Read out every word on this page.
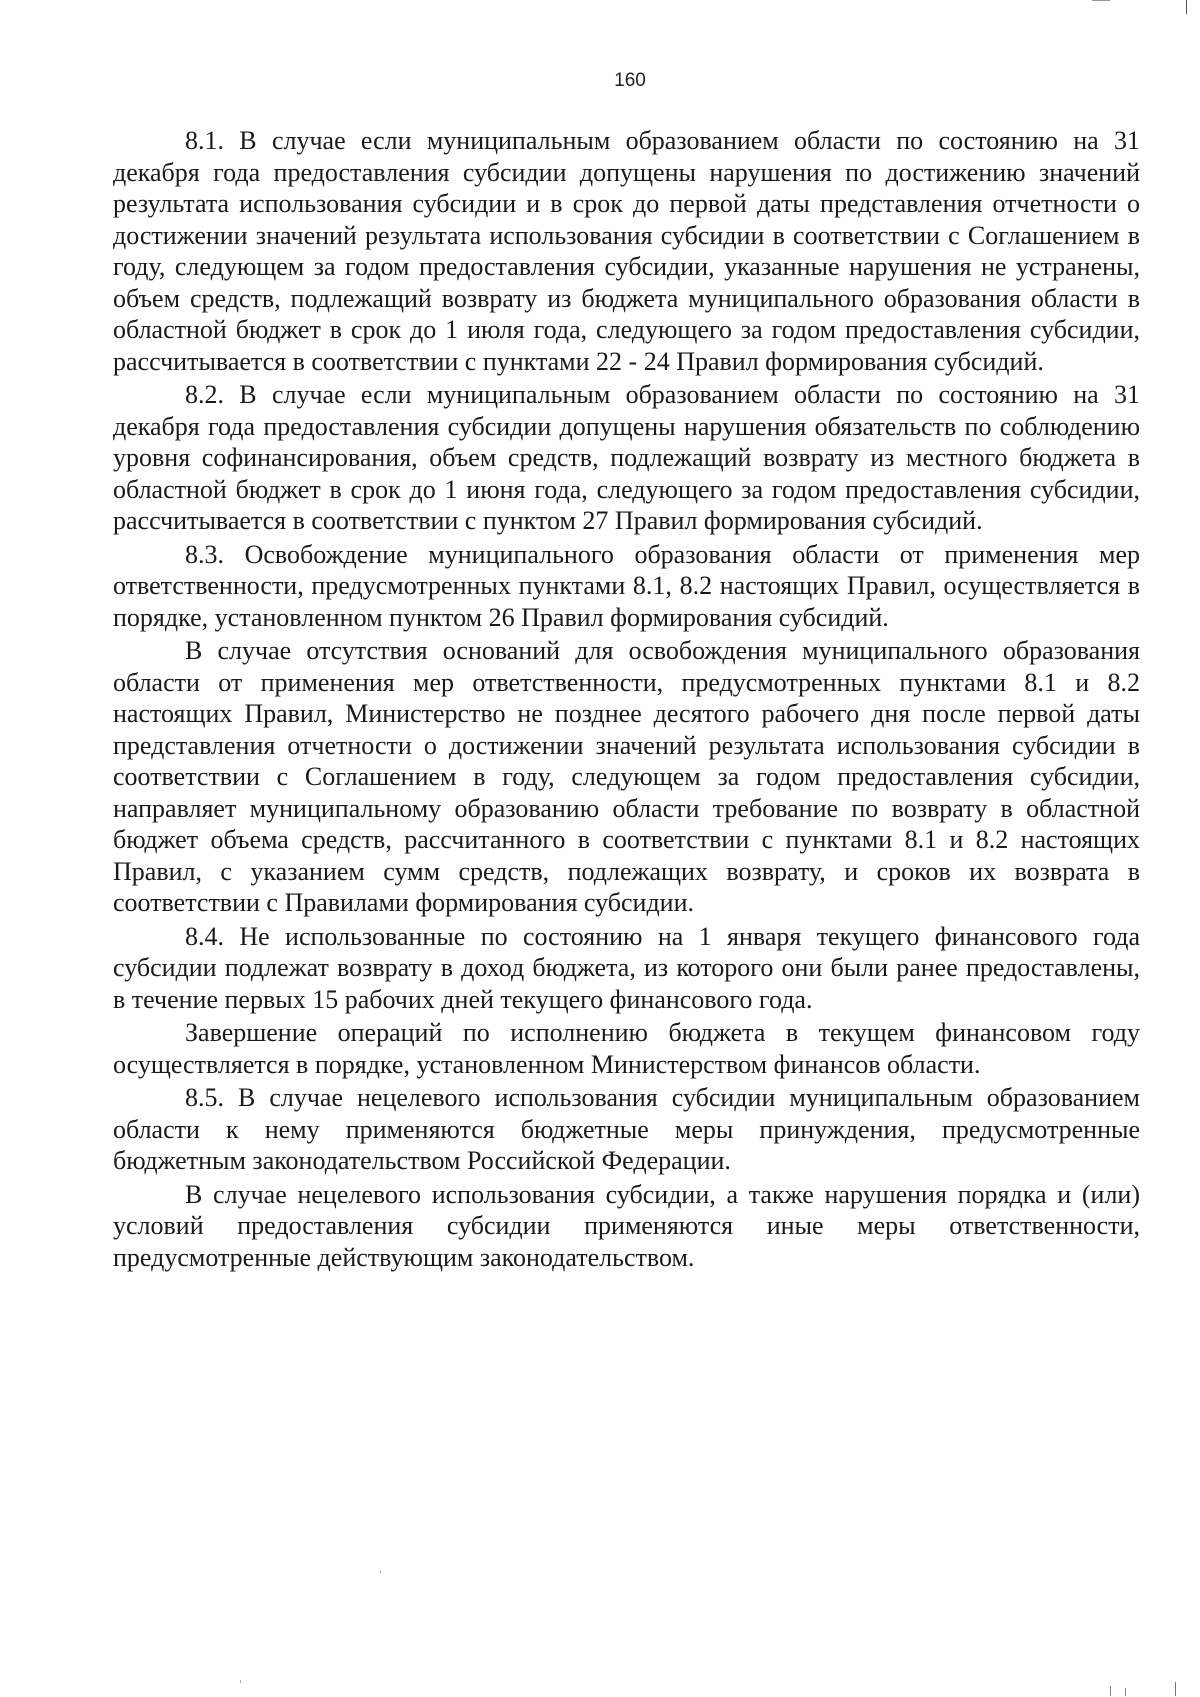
160

8.1. В случае если муниципальным образованием области по состоянию на 31 декабря года предоставления субсидии допущены нарушения по достижению значений результата использования субсидии и в срок до первой даты представления отчетности о достижении значений результата использования субсидии в соответствии с Соглашением в году, следующем за годом предоставления субсидии, указанные нарушения не устранены, объем средств, подлежащий возврату из бюджета муниципального образования области в областной бюджет в срок до 1 июля года, следующего за годом предоставления субсидии, рассчитывается в соответствии с пунктами 22 - 24 Правил формирования субсидий.

8.2. В случае если муниципальным образованием области по состоянию на 31 декабря года предоставления субсидии допущены нарушения обязательств по соблюдению уровня софинансирования, объем средств, подлежащий возврату из местного бюджета в областной бюджет в срок до 1 июня года, следующего за годом предоставления субсидии, рассчитывается в соответствии с пунктом 27 Правил формирования субсидий.

8.3. Освобождение муниципального образования области от применения мер ответственности, предусмотренных пунктами 8.1, 8.2 настоящих Правил, осуществляется в порядке, установленном пунктом 26 Правил формирования субсидий.

В случае отсутствия оснований для освобождения муниципального образования области от применения мер ответственности, предусмотренных пунктами 8.1 и 8.2 настоящих Правил, Министерство не позднее десятого рабочего дня после первой даты представления отчетности о достижении значений результата использования субсидии в соответствии с Соглашением в году, следующем за годом предоставления субсидии, направляет муниципальному образованию области требование по возврату в областной бюджет объема средств, рассчитанного в соответствии с пунктами 8.1 и 8.2 настоящих Правил, с указанием сумм средств, подлежащих возврату, и сроков их возврата в соответствии с Правилами формирования субсидии.

8.4. Не использованные по состоянию на 1 января текущего финансового года субсидии подлежат возврату в доход бюджета, из которого они были ранее предоставлены, в течение первых 15 рабочих дней текущего финансового года.

Завершение операций по исполнению бюджета в текущем финансовом году осуществляется в порядке, установленном Министерством финансов области.

8.5. В случае нецелевого использования субсидии муниципальным образованием области к нему применяются бюджетные меры принуждения, предусмотренные бюджетным законодательством Российской Федерации.

В случае нецелевого использования субсидии, а также нарушения порядка и (или) условий предоставления субсидии применяются иные меры ответственности, предусмотренные действующим законодательством.
